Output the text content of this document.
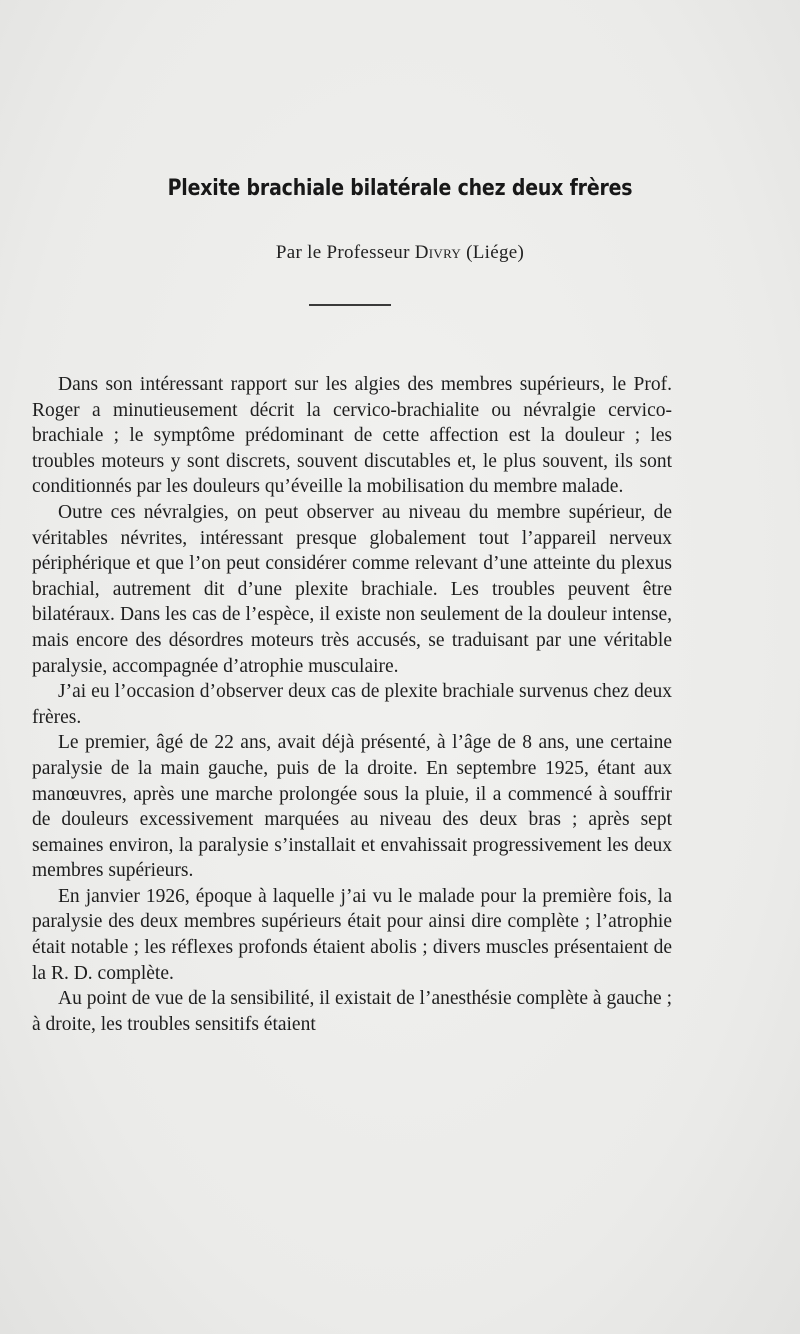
Plexite brachiale bilatérale chez deux frères
Par le Professeur Divry (Liége)

Dans son intéressant rapport sur les algies des membres supérieurs, le Prof. Roger a minutieusement décrit la cervico-brachialite ou névralgie cervico-brachiale ; le symptôme prédominant de cette affection est la douleur ; les troubles moteurs y sont discrets, souvent discutables et, le plus souvent, ils sont conditionnés par les douleurs qu’éveille la mobilisation du membre malade.

Outre ces névralgies, on peut observer au niveau du membre supérieur, de véritables névrites, intéressant presque globalement tout l’appareil nerveux périphérique et que l’on peut considérer comme relevant d’une atteinte du plexus brachial, autrement dit d’une plexite brachiale. Les troubles peuvent être bilatéraux. Dans les cas de l’espèce, il existe non seulement de la douleur intense, mais encore des désordres moteurs très accusés, se traduisant par une véritable paralysie, accompagnée d’atrophie musculaire.

J’ai eu l’occasion d’observer deux cas de plexite brachiale survenus chez deux frères.

Le premier, âgé de 22 ans, avait déjà présenté, à l’âge de 8 ans, une certaine paralysie de la main gauche, puis de la droite. En septembre 1925, étant aux manœuvres, après une marche prolongée sous la pluie, il a commencé à souffrir de douleurs excessivement marquées au niveau des deux bras ; après sept semaines environ, la paralysie s’installait et envahissait progressivement les deux membres supérieurs.

En janvier 1926, époque à laquelle j’ai vu le malade pour la première fois, la paralysie des deux membres supérieurs était pour ainsi dire complète ; l’atrophie était notable ; les réflexes profonds étaient abolis ; divers muscles présentaient de la R. D. complète.

Au point de vue de la sensibilité, il existait de l’anesthésie complète à gauche ; à droite, les troubles sensitifs étaient
